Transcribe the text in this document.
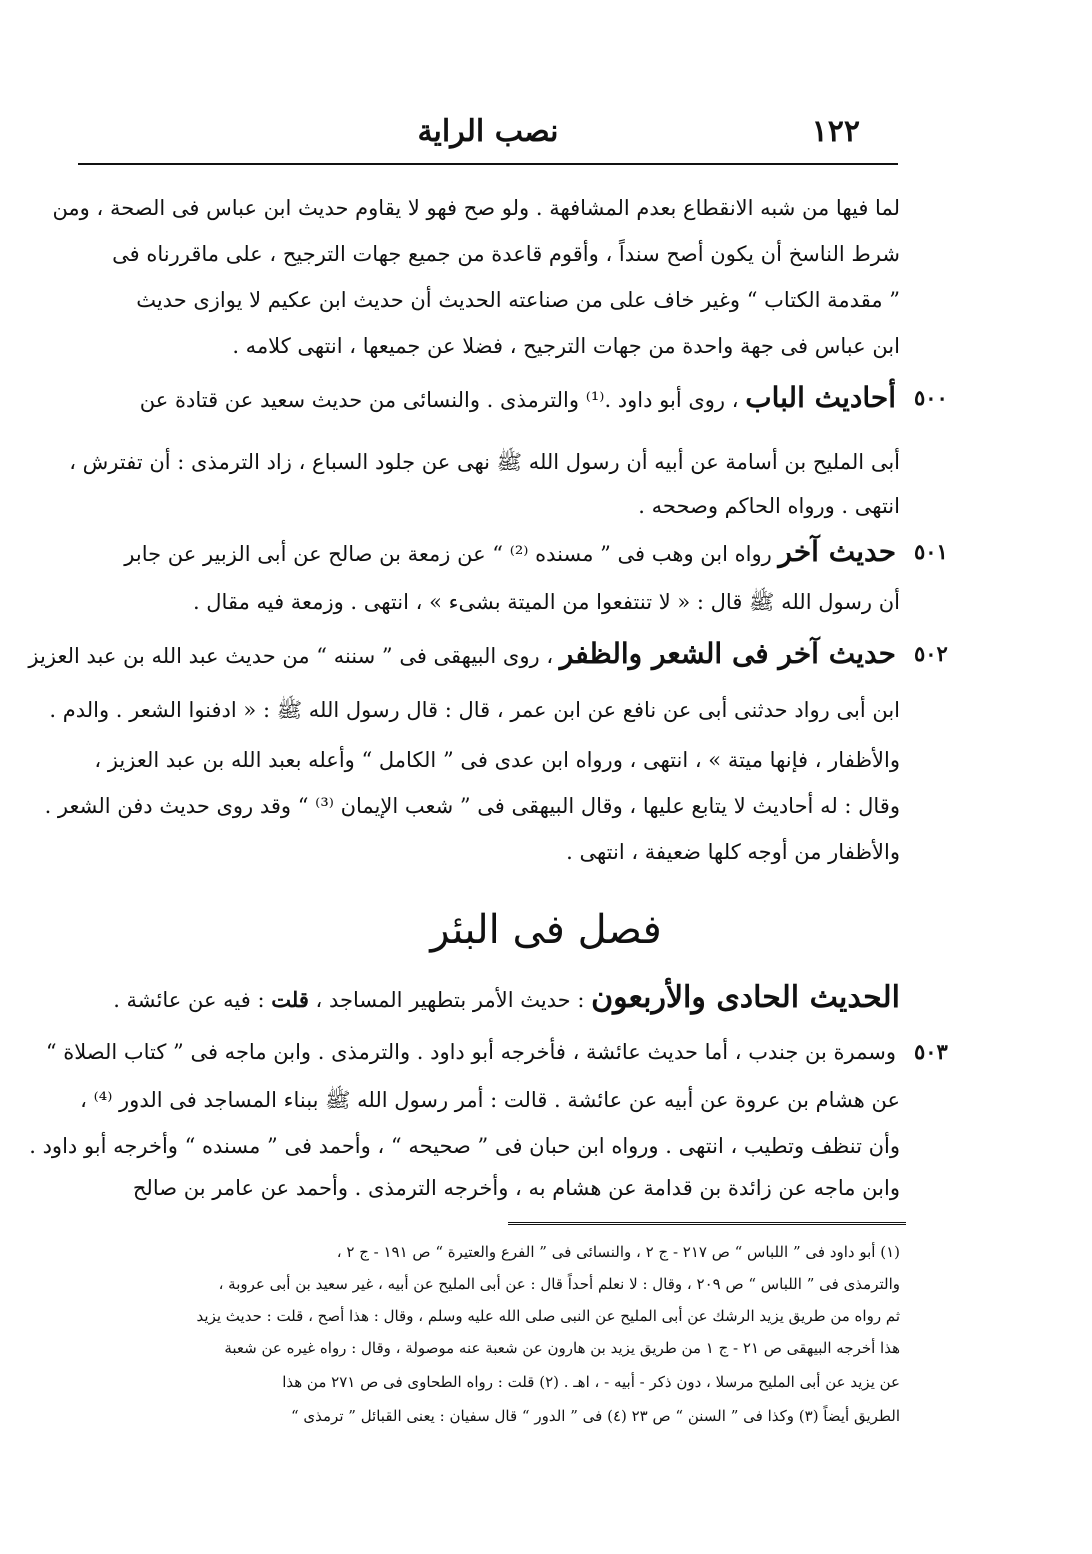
١٢٢
نصب الراية
لما فيها من شبه الانقطاع بعدم المشافهة . ولو صح فهو لا يقاوم حديث ابن عباس فى الصحة ، ومن
شرط الناسخ أن يكون أصح سنداً ، وأقوم قاعدة من جميع جهات الترجيح ، على ماقررناه فى
” مقدمة الكتاب “ وغير خاف على من صناعته الحديث أن حديث ابن عكيم لا يوازى حديث
ابن عباس فى جهة واحدة من جهات الترجيح ، فضلا عن جميعها ، انتهى كلامه .
٥٠٠
أحاديث الباب ، روى أبو داود .⁽¹⁾ والترمذى . والنسائى من حديث سعيد عن قتادة عن
أبى المليح بن أسامة عن أبيه أن رسول الله ﷺ نهى عن جلود السباع ، زاد الترمذى : أن تفترش ،
انتهى . ورواه الحاكم وصححه .
٥٠١
حديث آخر رواه ابن وهب فى ” مسنده ⁽²⁾ “ عن زمعة بن صالح عن أبى الزبير عن جابر
أن رسول الله ﷺ قال : « لا تنتفعوا من الميتة بشىء » ، انتهى . وزمعة فيه مقال .
٥٠٢
حديث آخر فى الشعر والظفر ، روى البيهقى فى ” سننه “ من حديث عبد الله بن عبد العزيز
ابن أبى رواد حدثنى أبى عن نافع عن ابن عمر ، قال : قال رسول الله ﷺ : « ادفنوا الشعر . والدم .
والأظفار ، فإنها ميتة » ، انتهى ، ورواه ابن عدى فى ” الكامل “ وأعله بعبد الله بن عبد العزيز ،
وقال : له أحاديث لا يتابع عليها ، وقال البيهقى فى ” شعب الإيمان ⁽³⁾ “ وقد روى حديث دفن الشعر .
والأظفار من أوجه كلها ضعيفة ، انتهى .
فصل فى البئر
الحديث الحادى والأربعون : حديث الأمر بتطهير المساجد ، قلت : فيه عن عائشة .
٥٠٣
وسمرة بن جندب ، أما حديث عائشة ، فأخرجه أبو داود . والترمذى . وابن ماجه فى ” كتاب الصلاة “
عن هشام بن عروة عن أبيه عن عائشة . قالت : أمر رسول الله ﷺ ببناء المساجد فى الدور ⁽⁴⁾ ،
وأن تنظف وتطيب ، انتهى . ورواه ابن حبان فى ” صحيحه “ ، وأحمد فى ” مسنده “ وأخرجه أبو داود .
وابن ماجه عن زائدة بن قدامة عن هشام به ، وأخرجه الترمذى . وأحمد عن عامر بن صالح
(١) أبو داود فى ” اللباس “ ص ٢١٧ - ج ٢ ، والنسائى فى ” الفرع والعتيرة “ ص ١٩١ - ج ٢ ،
والترمذى فى ” اللباس “ ص ٢٠٩ ، وقال : لا نعلم أحداً قال : عن أبى المليح عن أبيه ، غير سعيد بن أبى عروبة ،
ثم رواه من طريق يزيد الرشك عن أبى المليح عن النبى صلى الله عليه وسلم ، وقال : هذا أصح ، قلت : حديث يزيد
هذا أخرجه البيهقى ص ٢١ - ج ١ من طريق يزيد بن هارون عن شعبة عنه موصولة ، وقال : رواه غيره عن شعبة
عن يزيد عن أبى المليح مرسلا ، دون ذكر - أبيه - ، اهـ . (٢) قلت : رواه الطحاوى فى ص ٢٧١ من هذا
الطريق أيضاً (٣) وكذا فى ” السنن “ ص ٢٣ (٤) فى ” الدور “ قال سفيان : يعنى القبائل ” ترمذى “
